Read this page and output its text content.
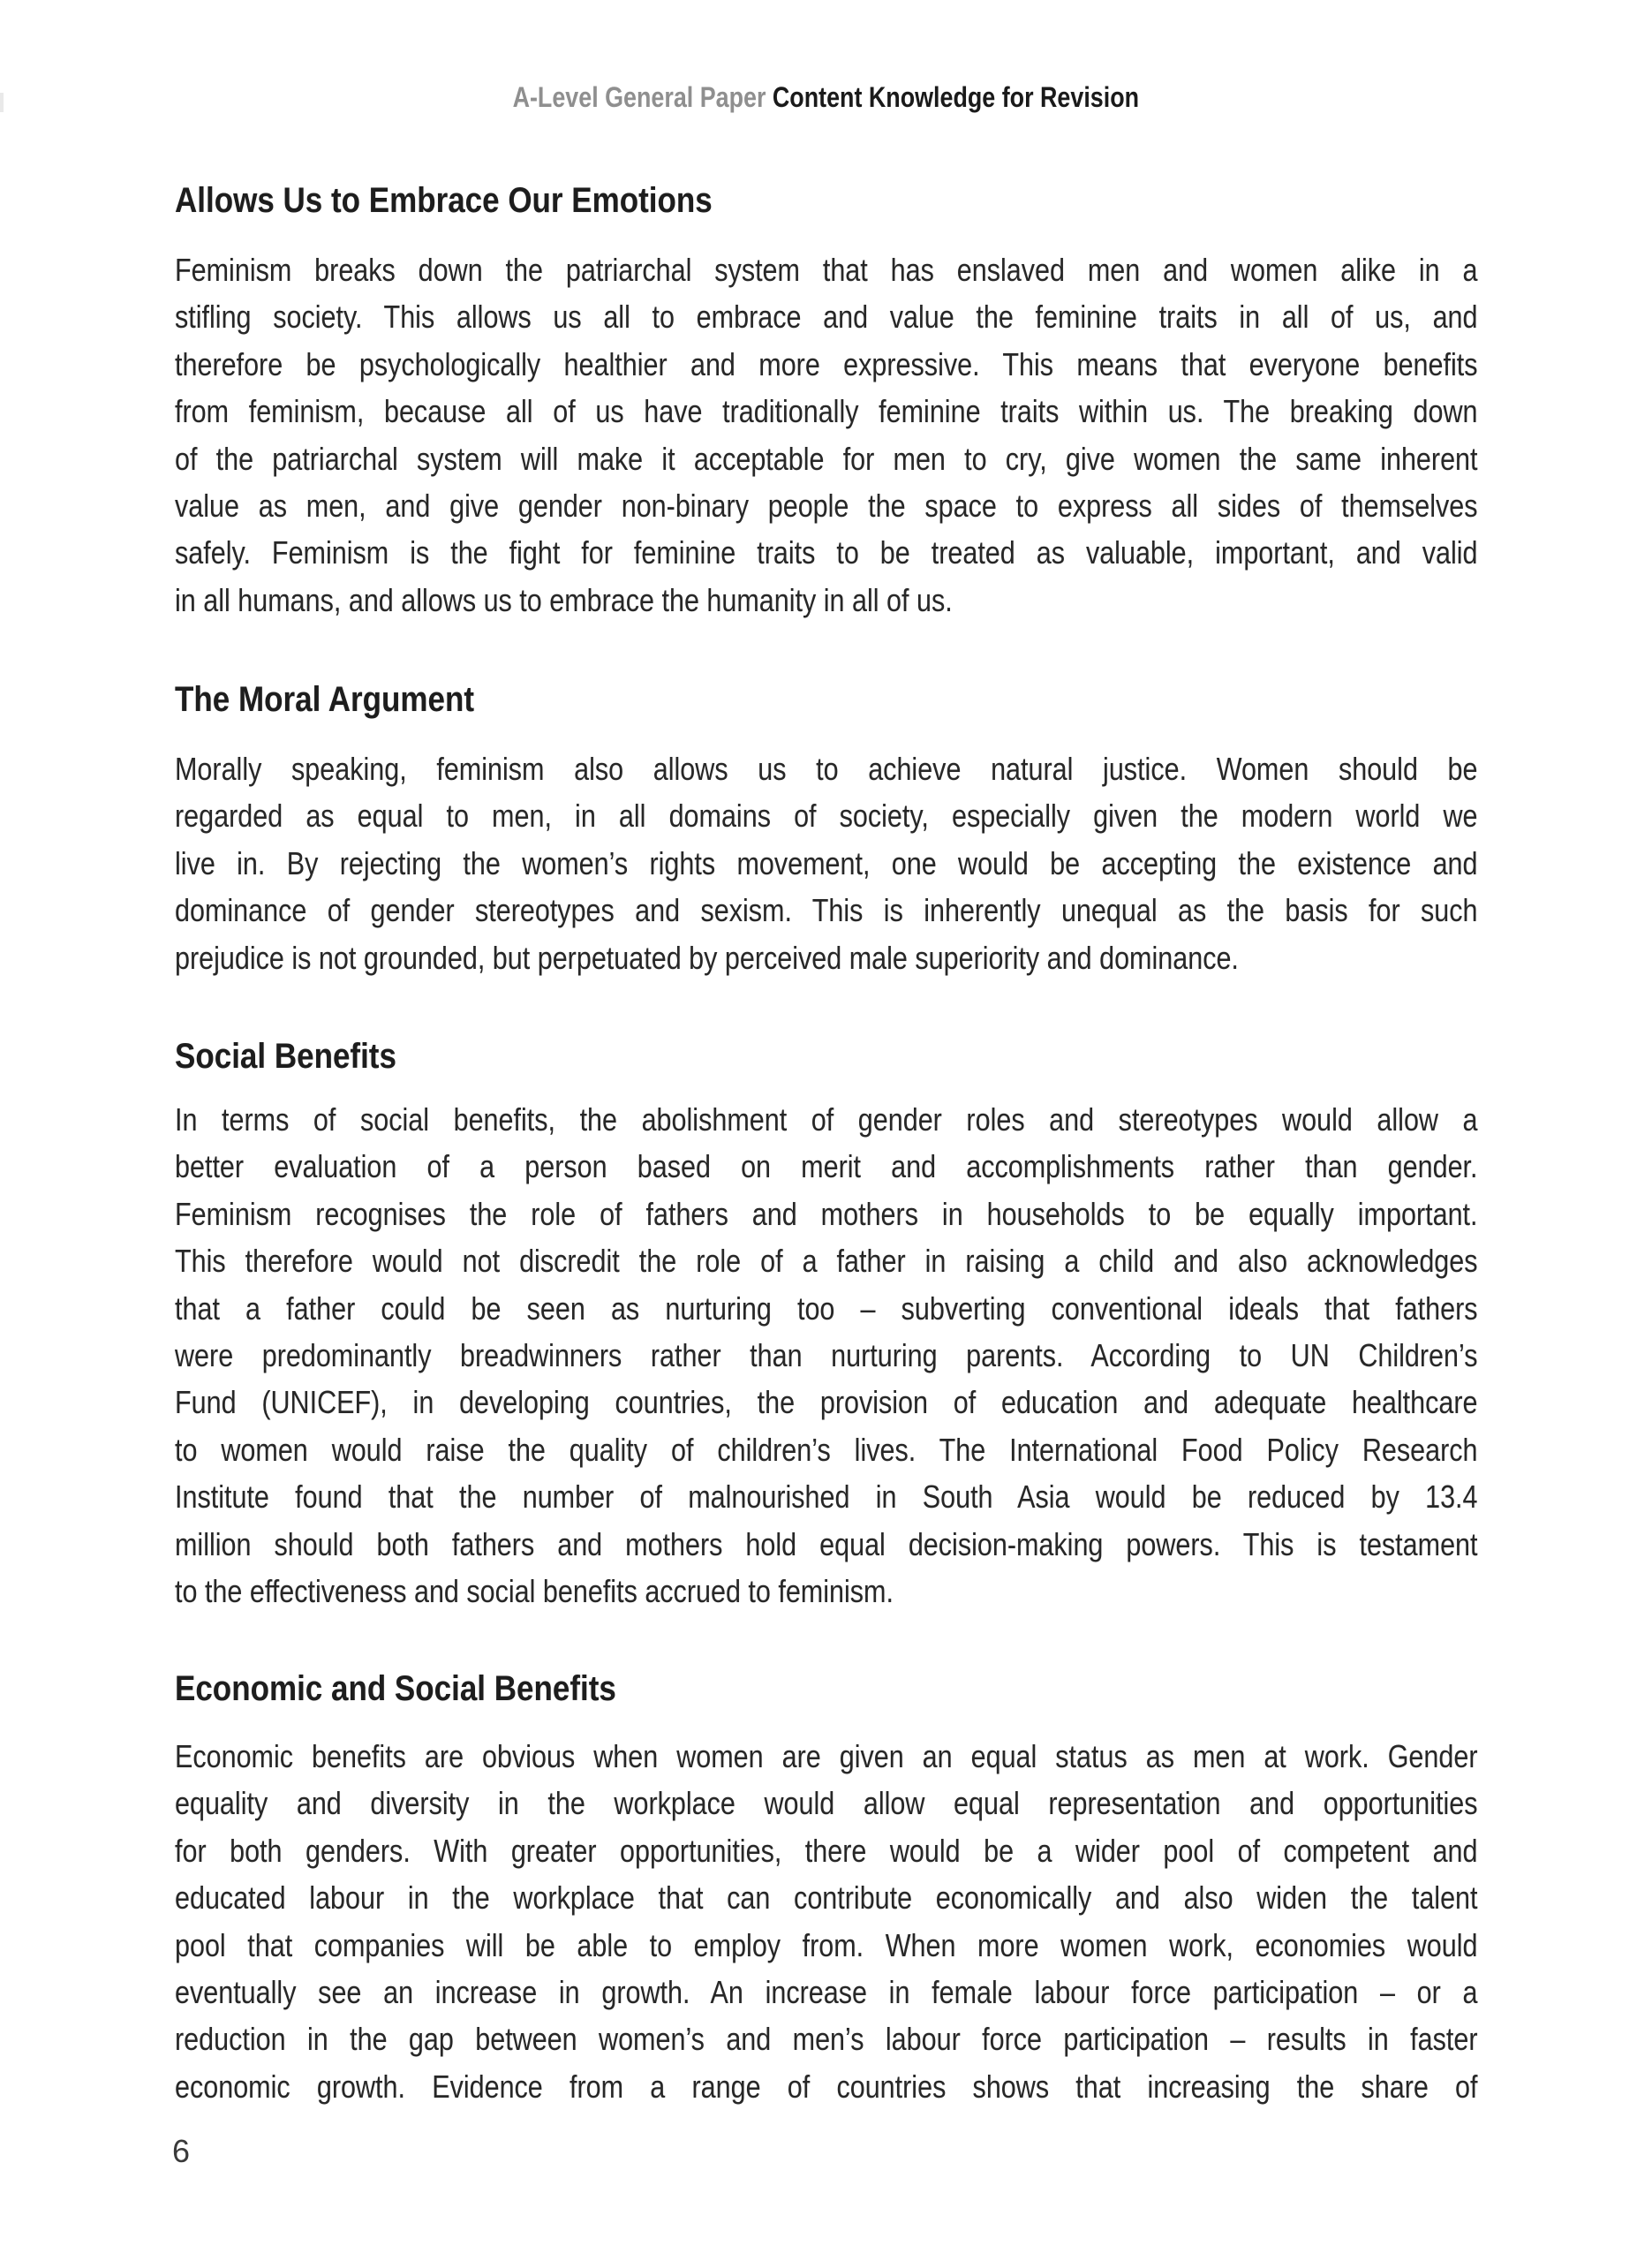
A-Level General Paper Content Knowledge for Revision
Allows Us to Embrace Our Emotions
Feminism breaks down the patriarchal system that has enslaved men and women alike in a
stifling society. This allows us all to embrace and value the feminine traits in all of us, and
therefore be psychologically healthier and more expressive. This means that everyone benefits
from feminism, because all of us have traditionally feminine traits within us. The breaking down
of the patriarchal system will make it acceptable for men to cry, give women the same inherent
value as men, and give gender non-binary people the space to express all sides of themselves
safely. Feminism is the fight for feminine traits to be treated as valuable, important, and valid
in all humans, and allows us to embrace the humanity in all of us.
The Moral Argument
Morally speaking, feminism also allows us to achieve natural justice. Women should be
regarded as equal to men, in all domains of society, especially given the modern world we
live in. By rejecting the women’s rights movement, one would be accepting the existence and
dominance of gender stereotypes and sexism. This is inherently unequal as the basis for such
prejudice is not grounded, but perpetuated by perceived male superiority and dominance.
Social Benefits
In terms of social benefits, the abolishment of gender roles and stereotypes would allow a
better evaluation of a person based on merit and accomplishments rather than gender.
Feminism recognises the role of fathers and mothers in households to be equally important.
This therefore would not discredit the role of a father in raising a child and also acknowledges
that a father could be seen as nurturing too – subverting conventional ideals that fathers
were predominantly breadwinners rather than nurturing parents. According to UN Children’s
Fund (UNICEF), in developing countries, the provision of education and adequate healthcare
to women would raise the quality of children’s lives. The International Food Policy Research
Institute found that the number of malnourished in South Asia would be reduced by 13.4
million should both fathers and mothers hold equal decision-making powers. This is testament
to the effectiveness and social benefits accrued to feminism.
Economic and Social Benefits
Economic benefits are obvious when women are given an equal status as men at work. Gender
equality and diversity in the workplace would allow equal representation and opportunities
for both genders. With greater opportunities, there would be a wider pool of competent and
educated labour in the workplace that can contribute economically and also widen the talent
pool that companies will be able to employ from. When more women work, economies would
eventually see an increase in growth. An increase in female labour force participation – or a
reduction in the gap between women’s and men’s labour force participation – results in faster
economic growth. Evidence from a range of countries shows that increasing the share of
6
